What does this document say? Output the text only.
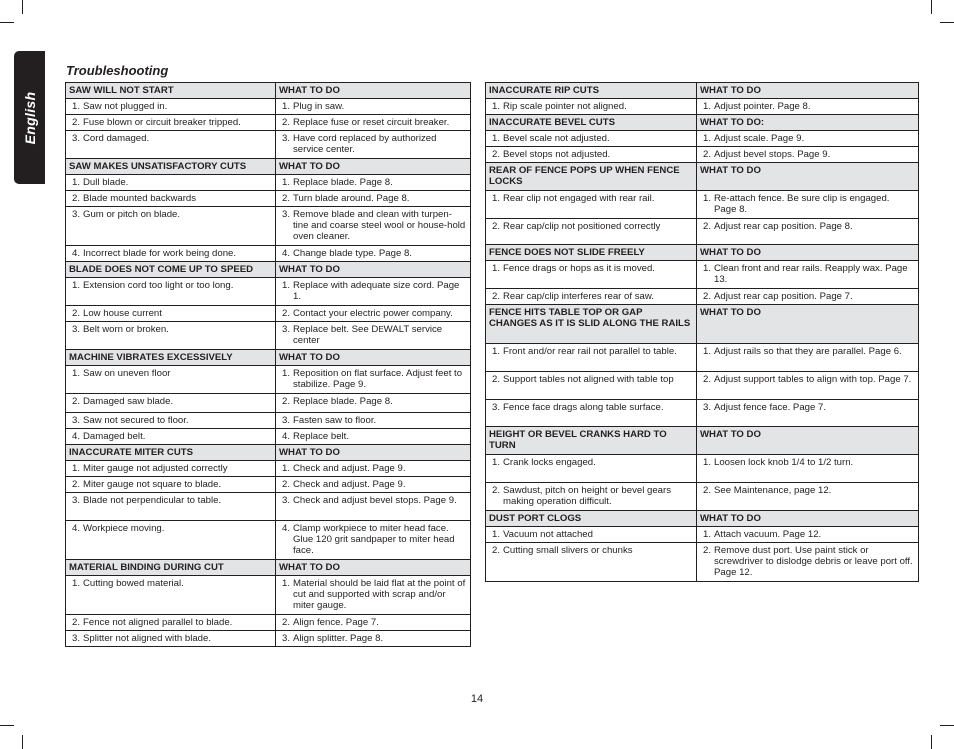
English
Troubleshooting
SAW WILL NOT START	WHAT TO DO

1. Saw not plugged in.	1. Plug in saw.

2. Fuse blown or circuit breaker tripped.	2. Replace fuse or reset circuit breaker.

3. Cord damaged.	3. Have cord replaced by authorized service center.

SAW MAKES UNSATISFACTORY CUTS	WHAT TO DO

1. Dull blade.	1. Replace blade. Page 8.

2. Blade mounted backwards	2. Turn blade around. Page 8.

3. Gum or pitch on blade.	3. Remove blade and clean with turpen-tine and coarse steel wool or house-hold oven cleaner.

4. Incorrect blade for work being done.	4. Change blade type. Page 8.

BLADE DOES NOT COME UP TO SPEED	WHAT TO DO

1. Extension cord too light or too long.	1. Replace with adequate size cord. Page 1.

2. Low house current	2. Contact your electric power company.

3. Belt worn or broken.	3. Replace belt. See DEWALT service center

MACHINE VIBRATES EXCESSIVELY	WHAT TO DO

1. Saw on uneven floor	1. Reposition on flat surface. Adjust feet to stabilize. Page 9.

2. Damaged saw blade.	2. Replace blade. Page 8.

3. Saw not secured to floor.	3. Fasten saw to floor.

4. Damaged belt.	4. Replace belt.

INACCURATE MITER CUTS	WHAT TO DO

1. Miter gauge not adjusted correctly	1. Check and adjust. Page 9.

2. Miter gauge not square to blade.	2. Check and adjust. Page 9.

3. Blade not perpendicular to table.	3. Check and adjust bevel stops. Page 9.

4. Workpiece moving.	4. Clamp workpiece to miter head face. Glue 120 grit sandpaper to miter head face.

MATERIAL BINDING DURING CUT	WHAT TO DO

1. Cutting bowed material.	1. Material should be laid flat at the point of cut and supported with scrap and/or miter gauge.

2. Fence not aligned parallel to blade.	2. Align fence. Page 7.

3. Splitter not aligned with blade.	3. Align splitter. Page 8.
INACCURATE RIP CUTS	WHAT TO DO

1. Rip scale pointer not aligned.	1. Adjust pointer. Page 8.

INACCURATE BEVEL CUTS	WHAT TO DO:

1. Bevel scale not adjusted.	1. Adjust scale. Page 9.

2. Bevel stops not adjusted.	2. Adjust bevel stops. Page 9.

REAR OF FENCE POPS UP WHEN FENCE LOCKS	WHAT TO DO

1. Rear clip not engaged with rear rail.	1. Re-attach fence. Be sure clip is engaged. Page 8.

2. Rear cap/clip not positioned correctly	2. Adjust rear cap position. Page 8.

FENCE DOES NOT SLIDE FREELY	WHAT TO DO

1. Fence drags or hops as it is moved.	1. Clean front and rear rails. Reapply wax. Page 13.

2. Rear cap/clip interferes rear of saw.	2. Adjust rear cap position. Page 7.

FENCE HITS TABLE TOP OR GAP CHANGES AS IT IS SLID ALONG THE RAILS	WHAT TO DO

1. Front and/or rear rail not parallel to table.	1. Adjust rails so that they are parallel. Page 6.

2. Support tables not aligned with table top	2. Adjust support tables to align with top. Page 7.

3. Fence face drags along table surface.	3. Adjust fence face. Page 7.

HEIGHT OR BEVEL CRANKS HARD TO TURN	WHAT TO DO

1. Crank locks engaged.	1. Loosen lock knob 1/4 to 1/2 turn.

2. Sawdust, pitch on height or bevel gears making operation difficult.	2. See Maintenance, page 12.

DUST PORT CLOGS	WHAT TO DO

1. Vacuum not attached	1. Attach vacuum. Page 12.

2. Cutting small slivers or chunks	2. Remove dust port. Use paint stick or screwdriver to dislodge debris or leave port off. Page 12.
14
